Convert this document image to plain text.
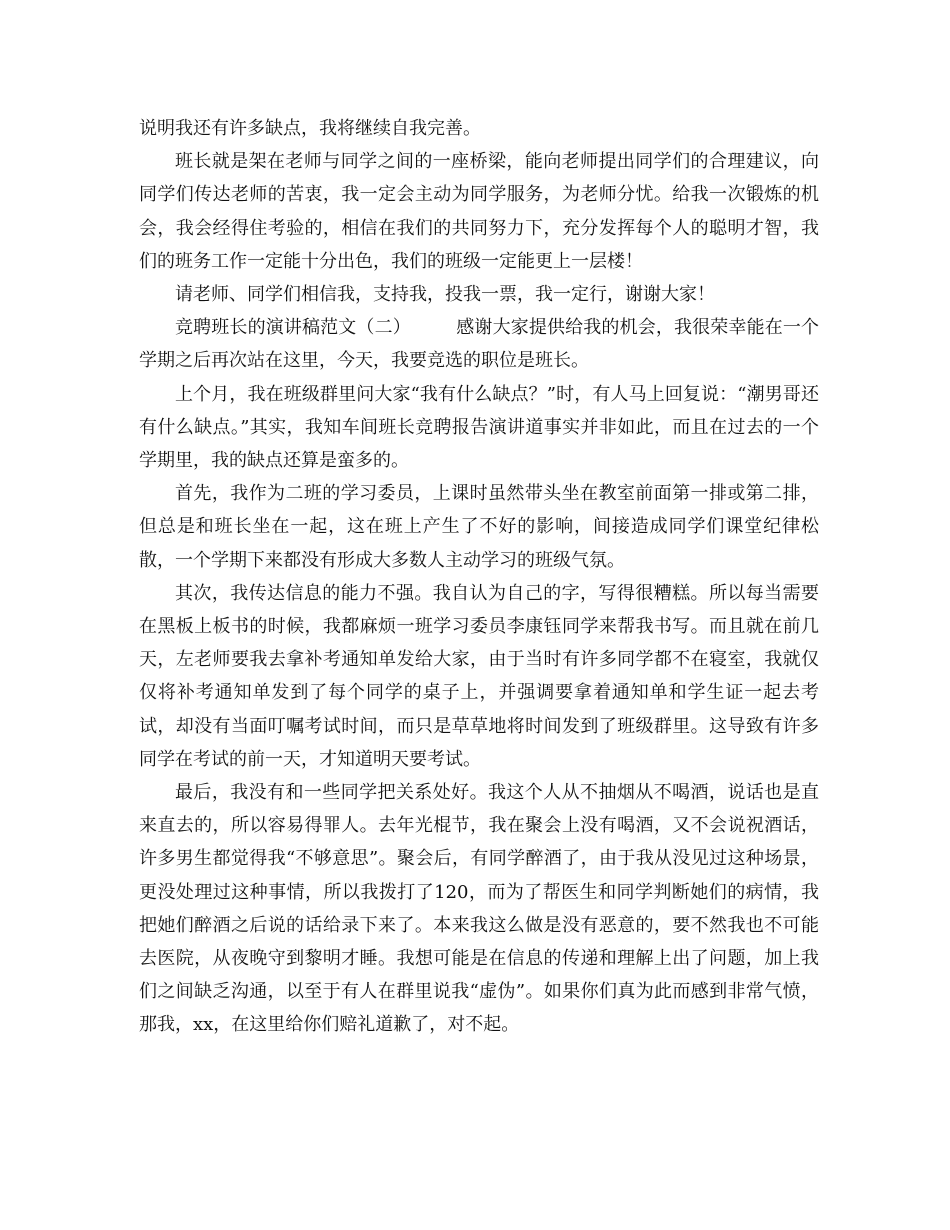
说明我还有许多缺点，我将继续自我完善。

班长就是架在老师与同学之间的一座桥梁，能向老师提出同学们的合理建议，向同学们传达老师的苦衷，我一定会主动为同学服务，为老师分忧。给我一次锻炼的机会，我会经得住考验的，相信在我们的共同努力下，充分发挥每个人的聪明才智，我们的班务工作一定能十分出色，我们的班级一定能更上一层楼！

请老师、同学们相信我，支持我，投我一票，我一定行，谢谢大家！

竞聘班长的演讲稿范文（二）　　　感谢大家提供给我的机会，我很荣幸能在一个学期之后再次站在这里，今天，我要竞选的职位是班长。

上个月，我在班级群里问大家“我有什么缺点？”时，有人马上回复说：“潮男哥还有什么缺点。”其实，我知车间班长竞聘报告演讲道事实并非如此，而且在过去的一个学期里，我的缺点还算是蛮多的。

首先，我作为二班的学习委员，上课时虽然带头坐在教室前面第一排或第二排，但总是和班长坐在一起，这在班上产生了不好的影响，间接造成同学们课堂纪律松散，一个学期下来都没有形成大多数人主动学习的班级气氛。

其次，我传达信息的能力不强。我自认为自己的字，写得很糟糕。所以每当需要在黑板上板书的时候，我都麻烦一班学习委员李康钰同学来帮我书写。而且就在前几天，左老师要我去拿补考通知单发给大家，由于当时有许多同学都不在寝室，我就仅仅将补考通知单发到了每个同学的桌子上，并强调要拿着通知单和学生证一起去考试，却没有当面叮嘱考试时间，而只是草草地将时间发到了班级群里。这导致有许多同学在考试的前一天，才知道明天要考试。

最后，我没有和一些同学把关系处好。我这个人从不抽烟从不喝酒，说话也是直来直去的，所以容易得罪人。去年光棍节，我在聚会上没有喝酒，又不会说祝酒话，许多男生都觉得我“不够意思”。聚会后，有同学醉酒了，由于我从没见过这种场景，更没处理过这种事情，所以我拨打了120，而为了帮医生和同学判断她们的病情，我把她们醉酒之后说的话给录下来了。本来我这么做是没有恶意的，要不然我也不可能去医院，从夜晚守到黎明才睡。我想可能是在信息的传递和理解上出了问题，加上我们之间缺乏沟通，以至于有人在群里说我“虚伪”。如果你们真为此而感到非常气愤，那我，xx，在这里给你们赔礼道歉了，对不起。
